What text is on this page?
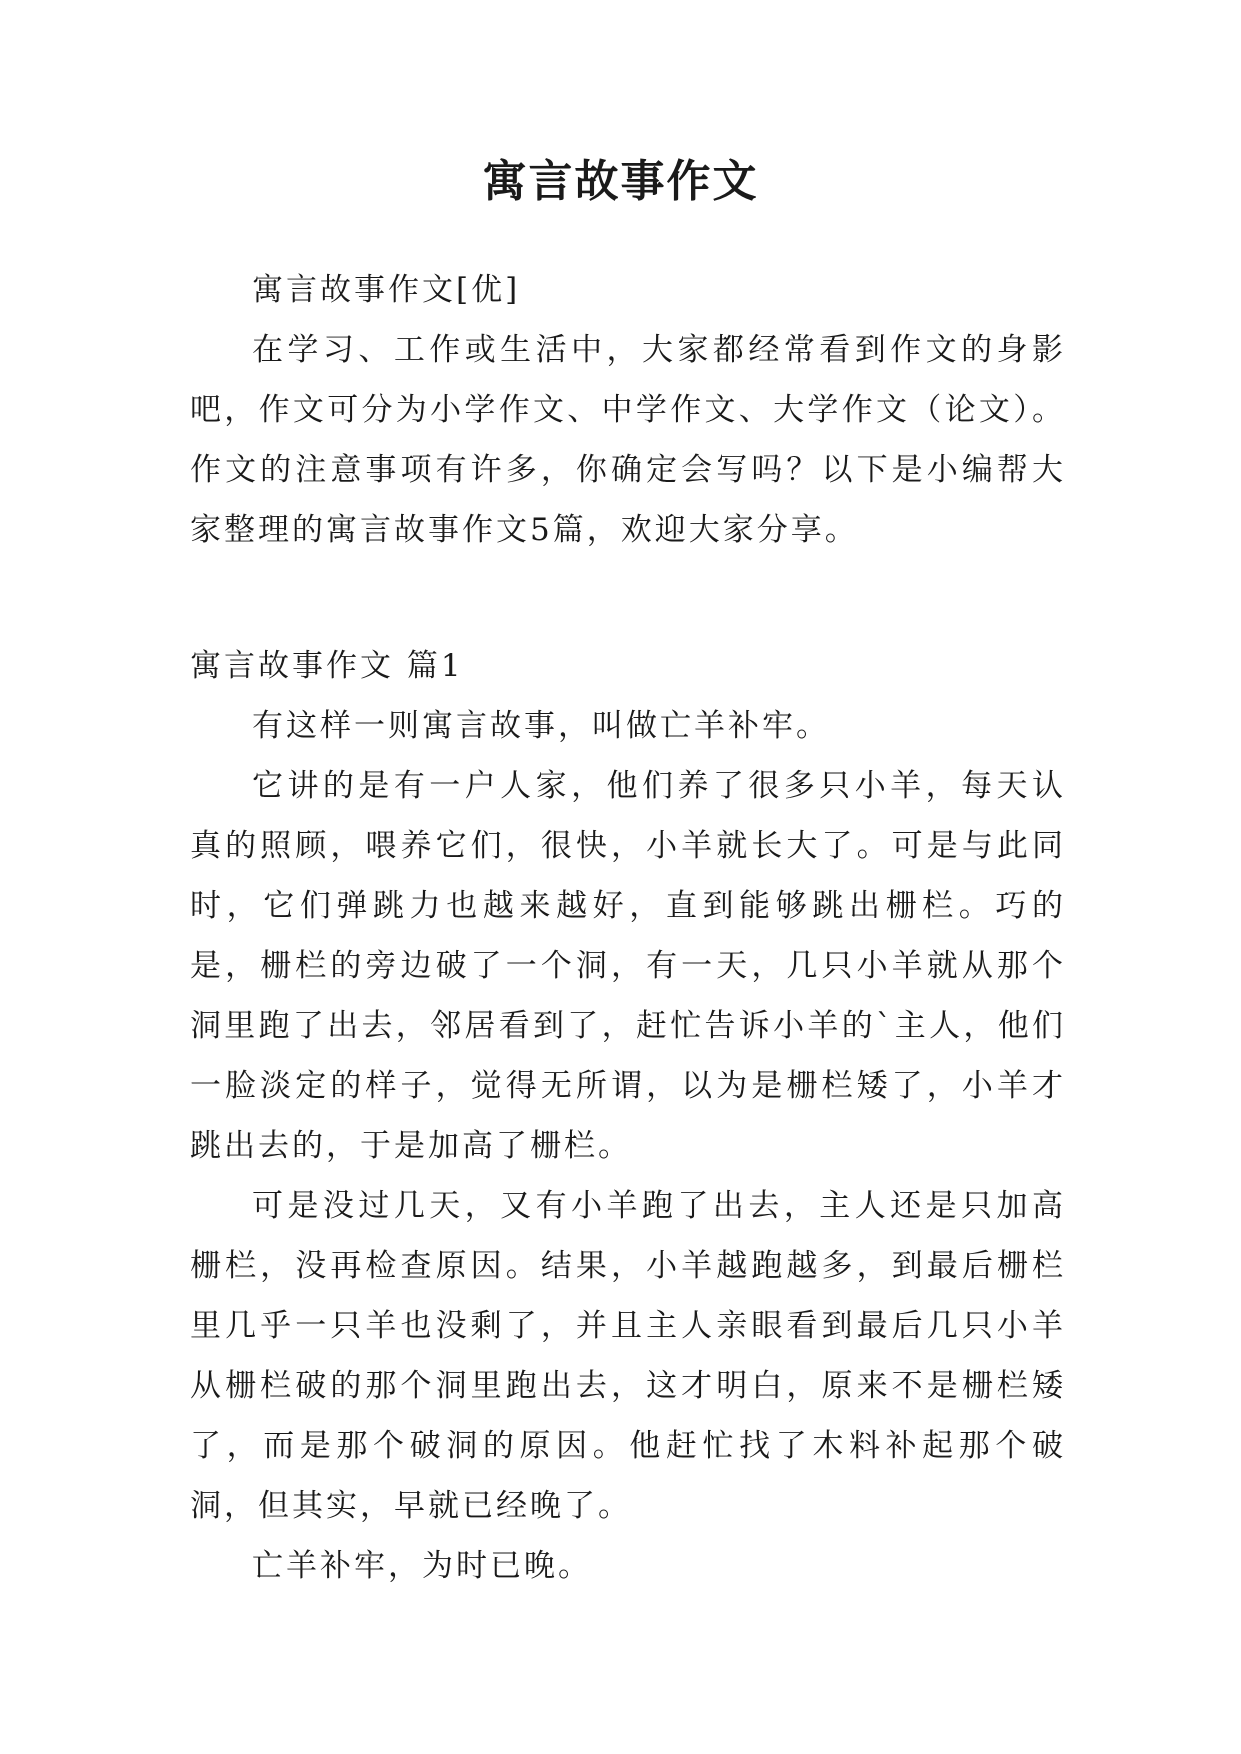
寓言故事作文

寓言故事作文[优]

在学习、工作或生活中，大家都经常看到作文的身影吧，作文可分为小学作文、中学作文、大学作文（论文）。作文的注意事项有许多，你确定会写吗？以下是小编帮大家整理的寓言故事作文5篇，欢迎大家分享。

寓言故事作文 篇1

有这样一则寓言故事，叫做亡羊补牢。

它讲的是有一户人家，他们养了很多只小羊，每天认真的照顾，喂养它们，很快，小羊就长大了。可是与此同时，它们弹跳力也越来越好，直到能够跳出栅栏。巧的是，栅栏的旁边破了一个洞，有一天，几只小羊就从那个洞里跑了出去，邻居看到了，赶忙告诉小羊的`主人，他们一脸淡定的样子，觉得无所谓，以为是栅栏矮了，小羊才跳出去的，于是加高了栅栏。

可是没过几天，又有小羊跑了出去，主人还是只加高栅栏，没再检查原因。结果，小羊越跑越多，到最后栅栏里几乎一只羊也没剩了，并且主人亲眼看到最后几只小羊从栅栏破的那个洞里跑出去，这才明白，原来不是栅栏矮了，而是那个破洞的原因。他赶忙找了木料补起那个破洞，但其实，早就已经晚了。

亡羊补牢，为时已晚。
